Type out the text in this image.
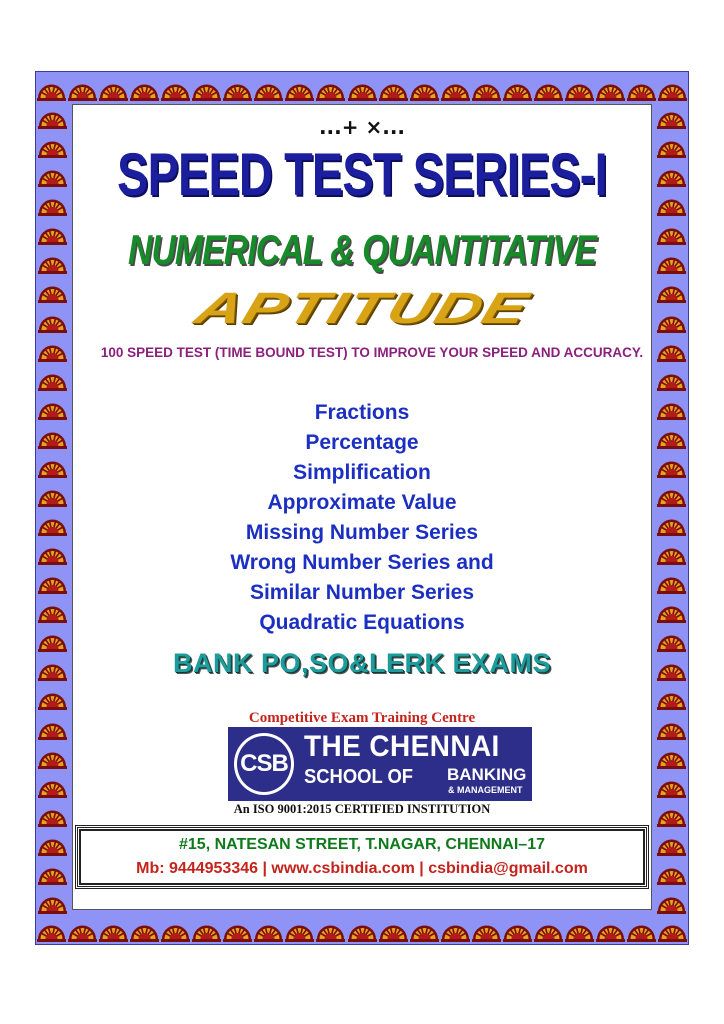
...+ ×...
SPEED TEST SERIES-I
NUMERICAL & QUANTITATIVE
APTITUDE
100 SPEED TEST (TIME BOUND TEST) TO IMPROVE YOUR SPEED AND ACCURACY.
Fractions
Percentage
Simplification
Approximate Value
Missing Number Series
Wrong Number Series and
Similar Number Series
Quadratic Equations
BANK PO,SO&LERK EXAMS
Competitive Exam Training Centre
CSB
THE CHENNAI
SCHOOL OF BANKING
& MANAGEMENT
An ISO 9001:2015 CERTIFIED INSTITUTION
#15, NATESAN STREET, T.NAGAR, CHENNAI–17
Mb: 9444953346 | www.csbindia.com | csbindia@gmail.com
